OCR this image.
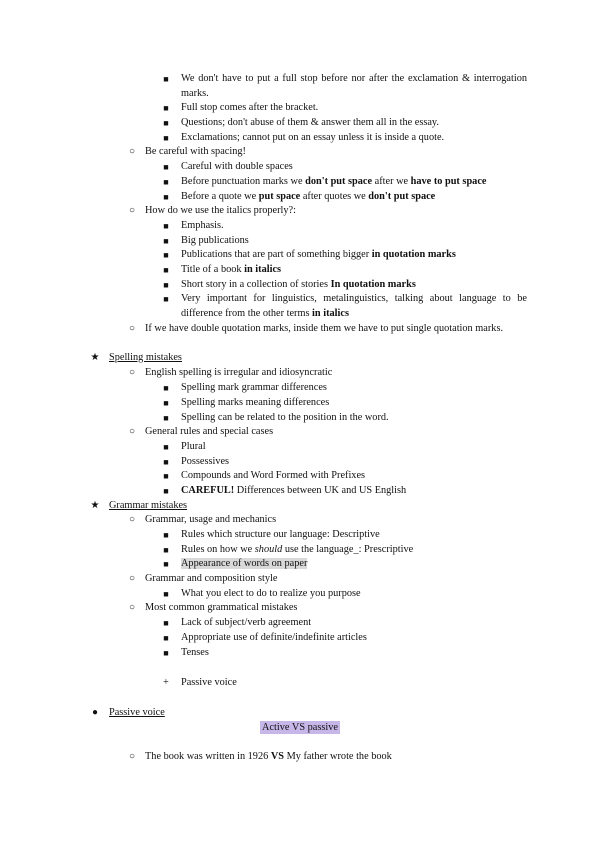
■	We don't have to put a full stop before nor after the exclamation & interrogation marks.
■	Full stop comes after the bracket.
■	Questions; don't abuse of them & answer them all in the essay.
■	Exclamations; cannot put on an essay unless it is inside a quote.
○ Be careful with spacing!
■	Careful with double spaces
■	Before punctuation marks we don't put space after we have to put space
■	Before a quote we put space after quotes we don't put space
○ How do we use the italics properly?:
■	Emphasis.
■	Big publications
■	Publications that are part of something bigger in quotation marks
■	Title of a book in italics
■	Short story in a collection of stories In quotation marks
■	Very important for linguistics, metalinguistics, talking about language to be difference from the other terms in italics
○ If we have double quotation marks, inside them we have to put single quotation marks.
★ Spelling mistakes
○ English spelling is irregular and idiosyncratic
■	Spelling mark grammar differences
■	Spelling marks meaning differences
■	Spelling can be related to the position in the word.
○ General rules and special cases
■	Plural
■	Possessives
■	Compounds and Word Formed with Prefixes
■	CAREFUL! Differences between UK and US English
★ Grammar mistakes
○ Grammar, usage and mechanics
■	Rules which structure our language: Descriptive
■	Rules on how we should use the language_: Prescriptive
■	Appearance of words on paper
○ Grammar and composition style
■	What you elect to do to realize you purpose
○ Most common grammatical mistakes
■	Lack of subject/verb agreement
■	Appropriate use of definite/indefinite articles
■	Tenses
+	Passive voice
● Passive voice
Active VS passive
○ The book was written in 1926 VS My father wrote the book
